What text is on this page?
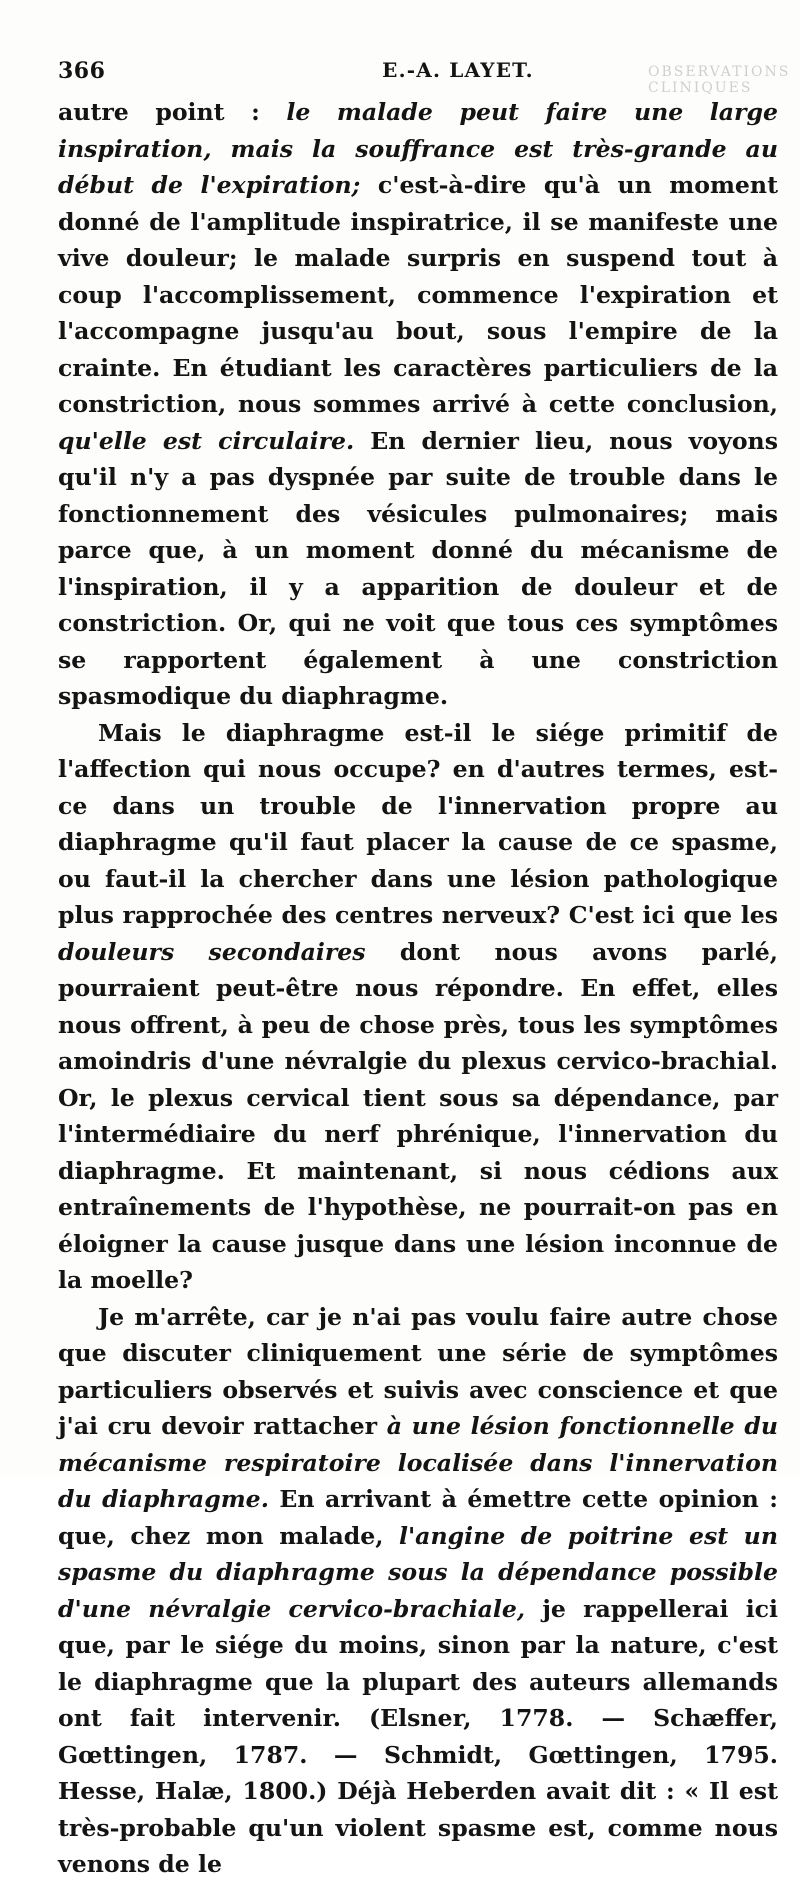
366	E.-A. LAYET.	OBSERVATIONS CLINIQUES

autre point : le malade peut faire une large inspiration, mais la souffrance est très-grande au début de l'expiration; c'est-à-dire qu'à un moment donné de l'amplitude inspiratrice, il se manifeste une vive douleur; le malade surpris en suspend tout à coup l'accomplissement, commence l'expiration et l'accompagne jusqu'au bout, sous l'empire de la crainte. En étudiant les caractères particuliers de la constriction, nous sommes arrivé à cette conclusion, qu'elle est circulaire. En dernier lieu, nous voyons qu'il n'y a pas dyspnée par suite de trouble dans le fonctionnement des vésicules pulmonaires; mais parce que, à un moment donné du mécanisme de l'inspiration, il y a apparition de douleur et de constriction. Or, qui ne voit que tous ces symptômes se rapportent également à une constriction spasmodique du diaphragme.

Mais le diaphragme est-il le siége primitif de l'affection qui nous occupe? en d'autres termes, est-ce dans un trouble de l'innervation propre au diaphragme qu'il faut placer la cause de ce spasme, ou faut-il la chercher dans une lésion pathologique plus rapprochée des centres nerveux? C'est ici que les douleurs secondaires dont nous avons parlé, pourraient peut-être nous répondre. En effet, elles nous offrent, à peu de chose près, tous les symptômes amoindris d'une névralgie du plexus cervico-brachial. Or, le plexus cervical tient sous sa dépendance, par l'intermédiaire du nerf phrénique, l'innervation du diaphragme. Et maintenant, si nous cédions aux entraînements de l'hypothèse, ne pourrait-on pas en éloigner la cause jusque dans une lésion inconnue de la moelle?

Je m'arrête, car je n'ai pas voulu faire autre chose que discuter cliniquement une série de symptômes particuliers observés et suivis avec conscience et que j'ai cru devoir rattacher à une lésion fonctionnelle du mécanisme respiratoire localisée dans l'innervation du diaphragme. En arrivant à émettre cette opinion : que, chez mon malade, l'angine de poitrine est un spasme du diaphragme sous la dépendance possible d'une névralgie cervico-brachiale, je rappellerai ici que, par le siége du moins, sinon par la nature, c'est le diaphragme que la plupart des auteurs allemands ont fait intervenir. (Elsner, 1778. — Schæffer, Gœttingen, 1787. — Schmidt, Gœttingen, 1795. Hesse, Halæ, 1800.) Déjà Heberden avait dit : « Il est très-probable qu'un violent spasme est, comme nous venons de le
